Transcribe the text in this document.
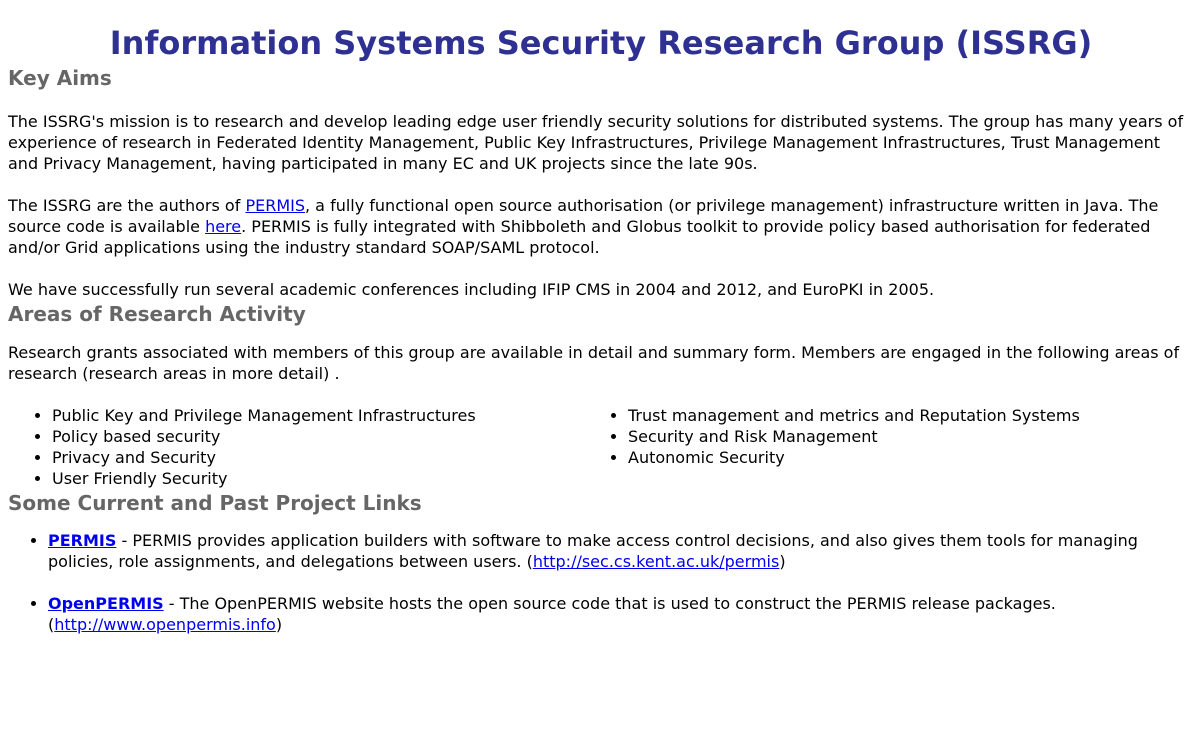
Information Systems Security Research Group (ISSRG)
Key Aims

The ISSRG's mission is to research and develop leading edge user friendly security solutions for distributed systems. The group has many years of experience of research in Federated Identity Management, Public Key Infrastructures, Privilege Management Infrastructures, Trust Management and Privacy Management, having participated in many EC and UK projects since the late 90s.

The ISSRG are the authors of PERMIS, a fully functional open source authorisation (or privilege management) infrastructure written in Java. The source code is available here. PERMIS is fully integrated with Shibboleth and Globus toolkit to provide policy based authorisation for federated and/or Grid applications using the industry standard SOAP/SAML protocol.

We have successfully run several academic conferences including IFIP CMS in 2004 and 2012, and EuroPKI in 2005.

Areas of Research Activity

Research grants associated with members of this group are available in detail and summary form. Members are engaged in the following areas of research (research areas in more detail) .

• Public Key and Privilege Management Infrastructures
• Policy based security
• Privacy and Security
• User Friendly Security
• Trust management and metrics and Reputation Systems
• Security and Risk Management
• Autonomic Security
Some Current and Past Project Links
• PERMIS - PERMIS provides application builders with software to make access control decisions, and also gives them tools for managing policies, role assignments, and delegations between users. (http://sec.cs.kent.ac.uk/permis)
• OpenPERMIS - The OpenPERMIS website hosts the open source code that is used to construct the PERMIS release packages. (http://www.openpermis.info)
